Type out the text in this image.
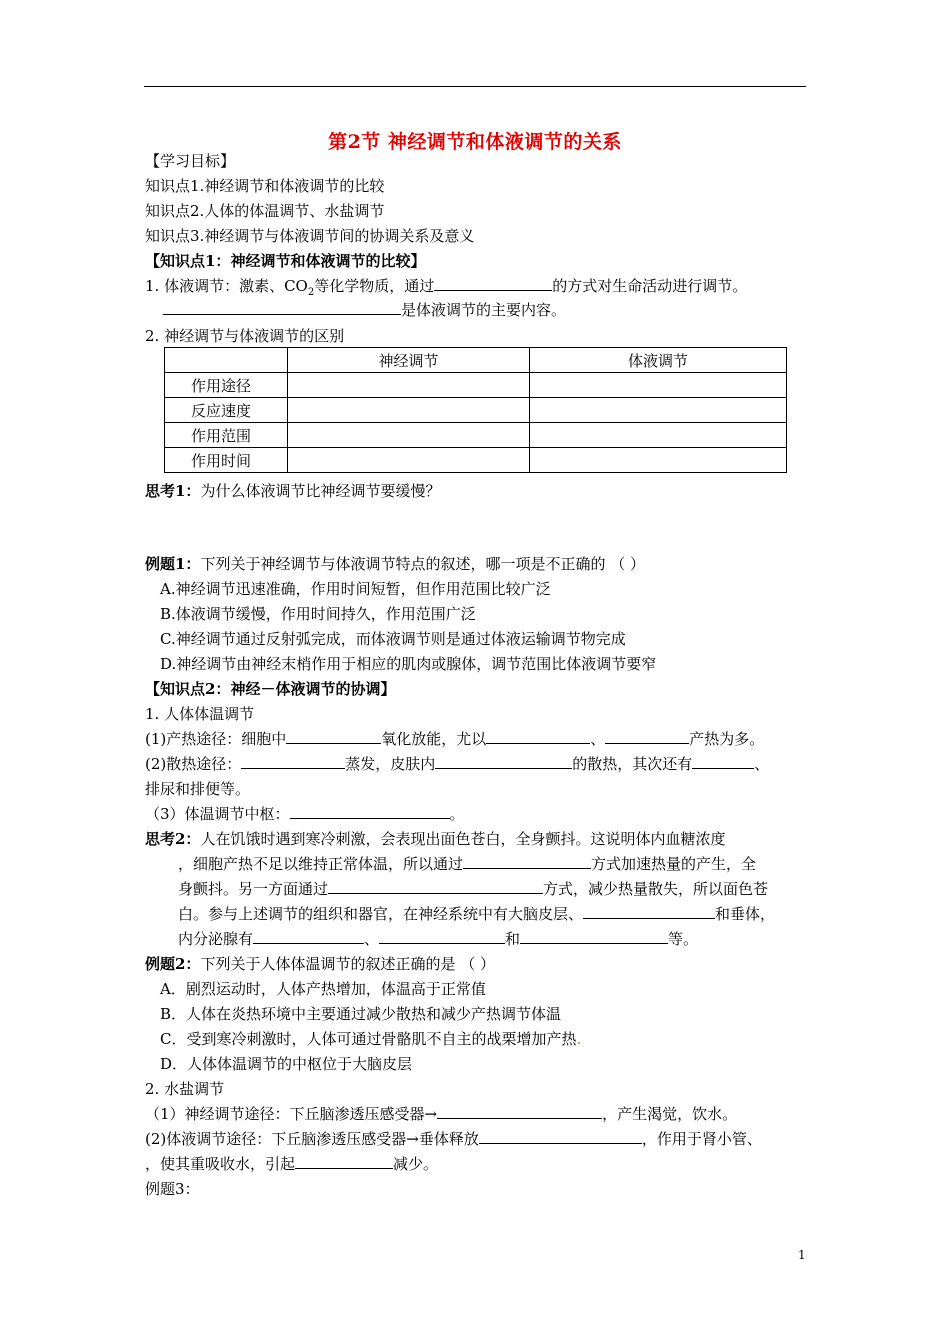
第2节 神经调节和体液调节的关系
【学习目标】
知识点1.神经调节和体液调节的比较
知识点2.人体的体温调节、水盐调节
知识点3.神经调节与体液调节间的协调关系及意义
【知识点1：神经调节和体液调节的比较】
1. 体液调节：激素、$CO_2$等化学物质，通过	的方式对生命活动进行调节。
是体液调节的主要内容。
2. 神经调节与体液调节的区别
	神经调节	体液调节
作用途径		
反应速度		
作用范围		
作用时间		
思考1：为什么体液调节比神经调节要缓慢？
例题1：下列关于神经调节与体液调节特点的叙述，哪一项是不正确的 （ ）
A.神经调节迅速准确，作用时间短暂，但作用范围比较广泛
B.体液调节缓慢，作用时间持久，作用范围广泛
C.神经调节通过反射弧完成，而体液调节则是通过体液运输调节物完成
D.神经调节由神经末梢作用于相应的肌肉或腺体，调节范围比体液调节要窄
【知识点2：神经－体液调节的协调】
1. 人体体温调节
(1)产热途径：细胞中	氧化放能，尤以	、	产热为多。
(2)散热途径：	蒸发，皮肤内	的散热，其次还有	、
排尿和排便等。
（3）体温调节中枢：	。
思考2：人在饥饿时遇到寒冷刺激，会表现出面色苍白，全身颤抖。这说明体内血糖浓度
，细胞产热不足以维持正常体温，所以通过	方式加速热量的产生，全
身颤抖。另一方面通过	方式，减少热量散失，所以面色苍
白。参与上述调节的组织和器官，在神经系统中有大脑皮层、	和垂体，
内分泌腺有	、	和	等。
例题2：下列关于人体体温调节的叙述正确的是 （ ）
A．剧烈运动时，人体产热增加，体温高于正常值
B．人体在炎热环境中主要通过减少散热和减少产热调节体温
C．受到寒冷刺激时，人体可通过骨骼肌不自主的战栗增加产热.
D．人体体温调节的中枢位于大脑皮层
2. 水盐调节
（1）神经调节途径：下丘脑渗透压感受器→	，产生渴觉，饮水。
(2)体液调节途径：下丘脑渗透压感受器→垂体释放	，作用于肾小管、
，使其重吸收水，引起	减少。
例题3：
1
